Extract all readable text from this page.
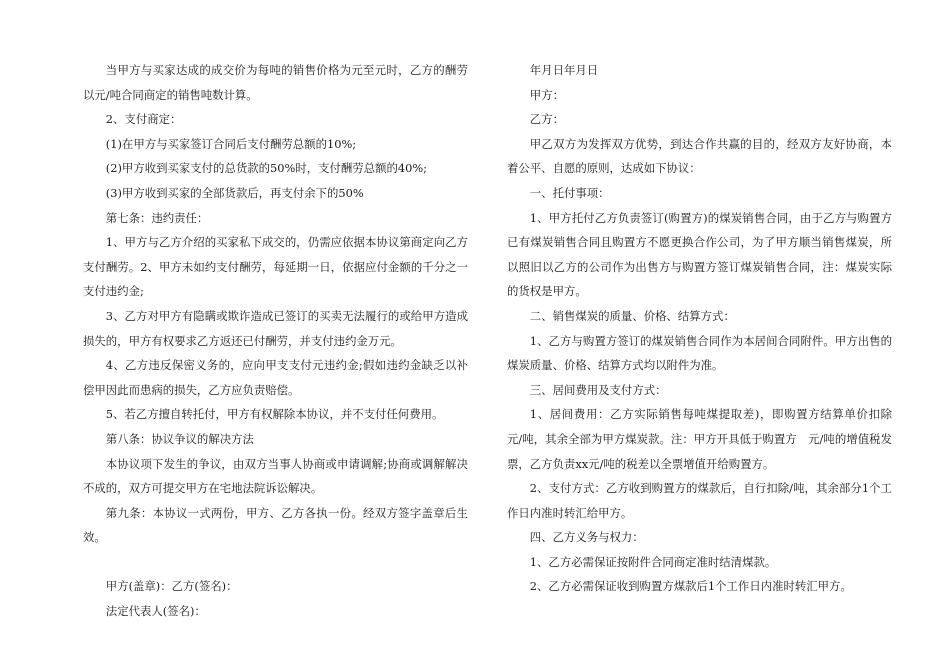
当甲方与买家达成的成交价为每吨的销售价格为元至元时，乙方的酬劳以元/吨合同商定的销售吨数计算。

2、支付商定：

(1)在甲方与买家签订合同后支付酬劳总额的10%;

(2)甲方收到买家支付的总货款的50%时，支付酬劳总额的40%;

(3)甲方收到买家的全部货款后，再支付余下的50%

第七条：违约责任：

1、甲方与乙方介绍的买家私下成交的，仍需应依据本协议第商定向乙方支付酬劳。2、甲方未如约支付酬劳，每延期一日，依据应付金额的千分之一支付违约金;

3、乙方对甲方有隐瞒或欺诈造成已签订的买卖无法履行的或给甲方造成损失的，甲方有权要求乙方返还已付酬劳，并支付违约金万元。

4、乙方违反保密义务的，应向甲支支付元违约金;假如违约金缺乏以补偿甲因此而患病的损失，乙方应负责赔偿。

5、若乙方擅自转托付，甲方有权解除本协议，并不支付任何费用。

第八条：协议争议的解决方法

本协议项下发生的争议，由双方当事人协商或申请调解;协商或调解解决不成的，双方可提交甲方在宅地法院诉讼解决。

第九条：本协议一式两份，甲方、乙方各执一份。经双方签字盖章后生效。

甲方(盖章)：乙方(签名)：

法定代表人(签名)：

年月日年月日

甲方：

乙方：

甲乙双方为发挥双方优势，到达合作共赢的目的，经双方友好协商，本着公平、自愿的原则，达成如下协议：

一、托付事项：

1、甲方托付乙方负责签订(购置方)的煤炭销售合同，由于乙方与购置方已有煤炭销售合同且购置方不愿更换合作公司，为了甲方顺当销售煤炭，所以照旧以乙方的公司作为出售方与购置方签订煤炭销售合同，注：煤炭实际的货权是甲方。

二、销售煤炭的质量、价格、结算方式：

1、乙方与购置方签订的煤炭销售合同作为本居间合同附件。甲方出售的煤炭质量、价格、结算方式均以附件为准。

三、居间费用及支付方式：

1、居间费用：乙方实际销售每吨煤提取差)，即购置方结算单价扣除　元/吨，其余全部为甲方煤炭款。注：甲方开具低于购置方　元/吨的增值税发票，乙方负责xx元/吨的税差以全票增值开给购置方。

2、支付方式：乙方收到购置方的煤款后，自行扣除/吨，其余部分1个工作日内准时转汇给甲方。

四、乙方义务与权力：

1、乙方必需保证按附件合同商定准时结清煤款。

2、乙方必需保证收到购置方煤款后1个工作日内准时转汇甲方。
